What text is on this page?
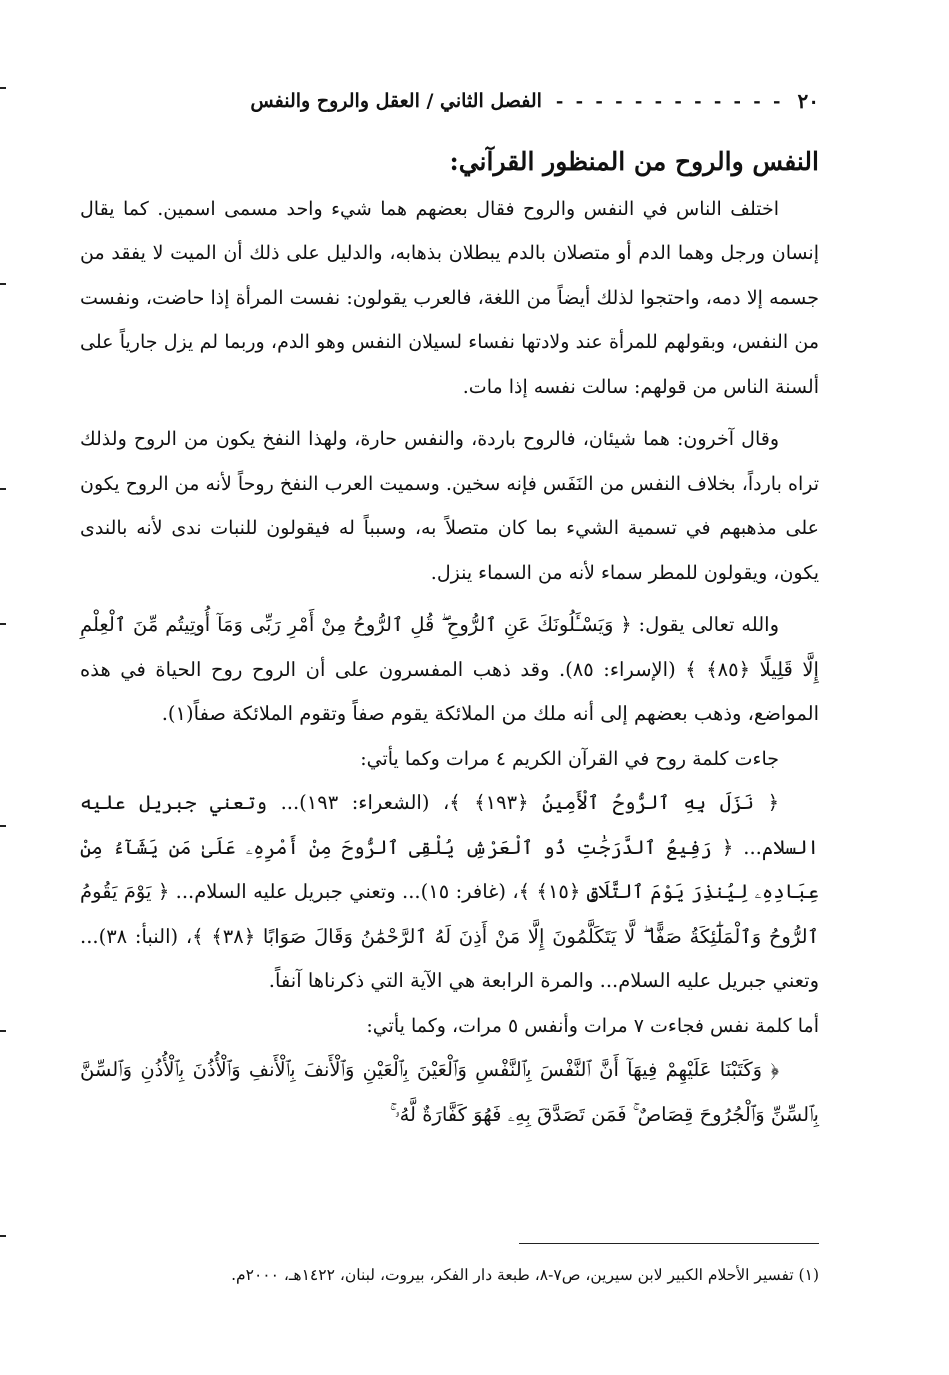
٢٠
- - - - - - - - - - - -
الفصل الثاني / العقل والروح والنفس

النفس والروح من المنظور القرآني:

اختلف الناس في النفس والروح فقال بعضهم هما شيء واحد مسمى اسمين. كما يقال إنسان ورجل وهما الدم أو متصلان بالدم يبطلان بذهابه، والدليل على ذلك أن الميت لا يفقد من جسمه إلا دمه، واحتجوا لذلك أيضاً من اللغة، فالعرب يقولون: نفست المرأة إذا حاضت، ونفست من النفس، وبقولهم للمرأة عند ولادتها نفساء لسيلان النفس وهو الدم، وربما لم يزل جارياً على ألسنة الناس من قولهم: سالت نفسه إذا مات.

وقال آخرون: هما شيئان، فالروح باردة، والنفس حارة، ولهذا النفخ يكون من الروح ولذلك تراه بارداً، بخلاف النفس من النَفَس فإنه سخين. وسميت العرب النفخ روحاً لأنه من الروح يكون على مذهبهم في تسمية الشيء بما كان متصلاً به، وسبباً له فيقولون للنبات ندى لأنه بالندى يكون، ويقولون للمطر سماء لأنه من السماء ينزل.

والله تعالى يقول: ﴿ وَيَسْـَٔلُونَكَ عَنِ ٱلرُّوحِ ۖ قُلِ ٱلرُّوحُ مِنْ أَمْرِ رَبِّى وَمَآ أُوتِيتُم مِّنَ ٱلْعِلْمِ إِلَّا قَلِيلًا ﴿٨٥﴾ ﴾ (الإسراء: ٨٥). وقد ذهب المفسرون على أن الروح روح الحياة في هذه المواضع، وذهب بعضهم إلى أنه ملك من الملائكة يقوم صفاً وتقوم الملائكة صفاً(١).

جاءت كلمة روح في القرآن الكريم ٤ مرات وكما يأتي:

﴿ نَزَلَ بِهِ ٱلرُّوحُ ٱلْأَمِينُ ﴿١٩٣﴾ ﴾، (الشعراء: ١٩٣)... وتعني جبريل عليه السلام... ﴿ رَفِيعُ ٱلدَّرَجَٰتِ ذُو ٱلْعَرْشِ يُلْقِى ٱلرُّوحَ مِنْ أَمْرِهِۦ عَلَىٰ مَن يَشَآءُ مِنْ عِبَادِهِۦ لِيُنذِرَ يَوْمَ ٱلتَّلَاقِ ﴿١٥﴾ ﴾، (غافر: ١٥)... وتعني جبريل عليه السلام... ﴿ يَوْمَ يَقُومُ ٱلرُّوحُ وَٱلْمَلَٰٓئِكَةُ صَفًّا ۖ لَّا يَتَكَلَّمُونَ إِلَّا مَنْ أَذِنَ لَهُ ٱلرَّحْمَٰنُ وَقَالَ صَوَابًا ﴿٣٨﴾ ﴾، (النبأ: ٣٨)... وتعني جبريل عليه السلام... والمرة الرابعة هي الآية التي ذكرناها آنفاً.

أما كلمة نفس فجاءت ٧ مرات وأنفس ٥ مرات، وكما يأتي:

﴿ وَكَتَبْنَا عَلَيْهِمْ فِيهَآ أَنَّ ٱلنَّفْسَ بِٱلنَّفْسِ وَٱلْعَيْنَ بِٱلْعَيْنِ وَٱلْأَنفَ بِٱلْأَنفِ وَٱلْأُذُنَ بِٱلْأُذُنِ وَٱلسِّنَّ بِٱلسِّنِّ وَٱلْجُرُوحَ قِصَاصٌ ۚ فَمَن تَصَدَّقَ بِهِۦ فَهُوَ كَفَّارَةٌ لَّهُۥ ۚ

(١) تفسير الأحلام الكبير لابن سيرين، ص٧-٨، طبعة دار الفكر، بيروت، لبنان، ١٤٢٢هـ، ٢٠٠٠م.
